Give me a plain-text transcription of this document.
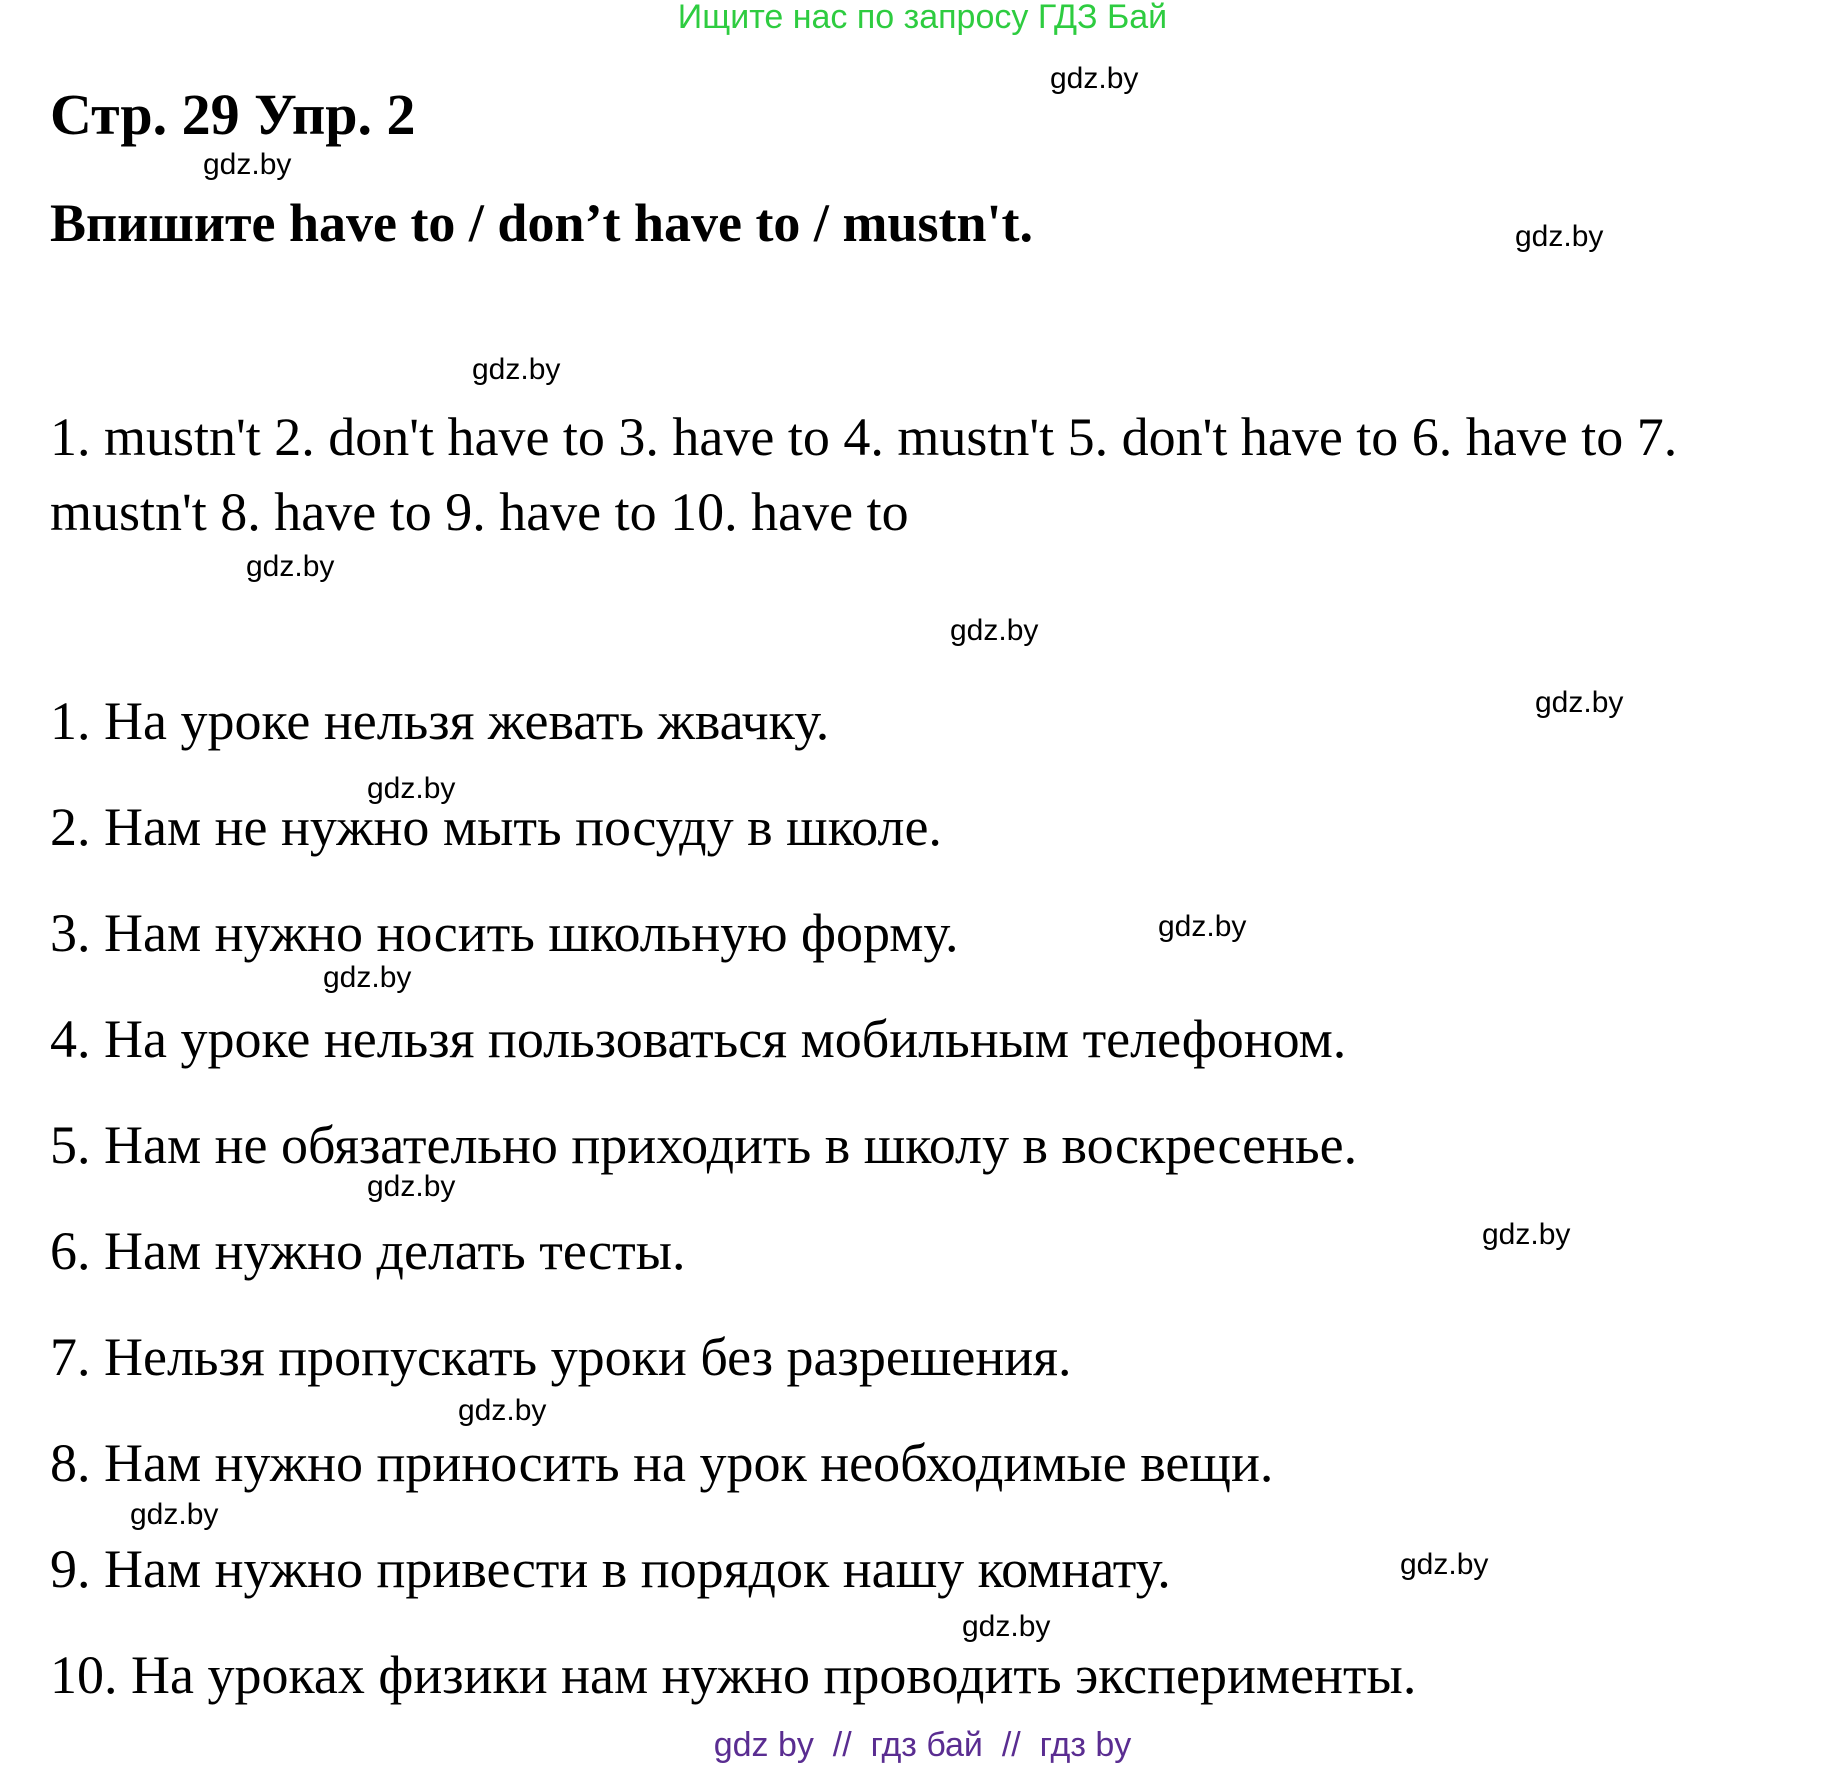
Ищите нас по запросу ГДЗ Бай
Стр. 29 Упр. 2
Впишите have to / don’t have to / mustn't.
1. mustn't 2. don't have to 3. have to 4. mustn't 5. don't have to 6. have to 7. mustn't 8. have to 9. have to 10. have to
1. На уроке нельзя жевать жвачку.
2. Нам не нужно мыть посуду в школе.
3. Нам нужно носить школьную форму.
4. На уроке нельзя пользоваться мобильным телефоном.
5. Нам не обязательно приходить в школу в воскресенье.
6. Нам нужно делать тесты.
7. Нельзя пропускать уроки без разрешения.
8. Нам нужно приносить на урок необходимые вещи.
9. Нам нужно привести в порядок нашу комнату.
10. На уроках физики нам нужно проводить эксперименты.
gdz.by
gdz.by
gdz.by
gdz.by
gdz.by
gdz.by
gdz.by
gdz.by
gdz.by
gdz.by
gdz.by
gdz.by
gdz.by
gdz.by
gdz.by
gdz.by
gdz by  //  гдз бай  //  гдз by
